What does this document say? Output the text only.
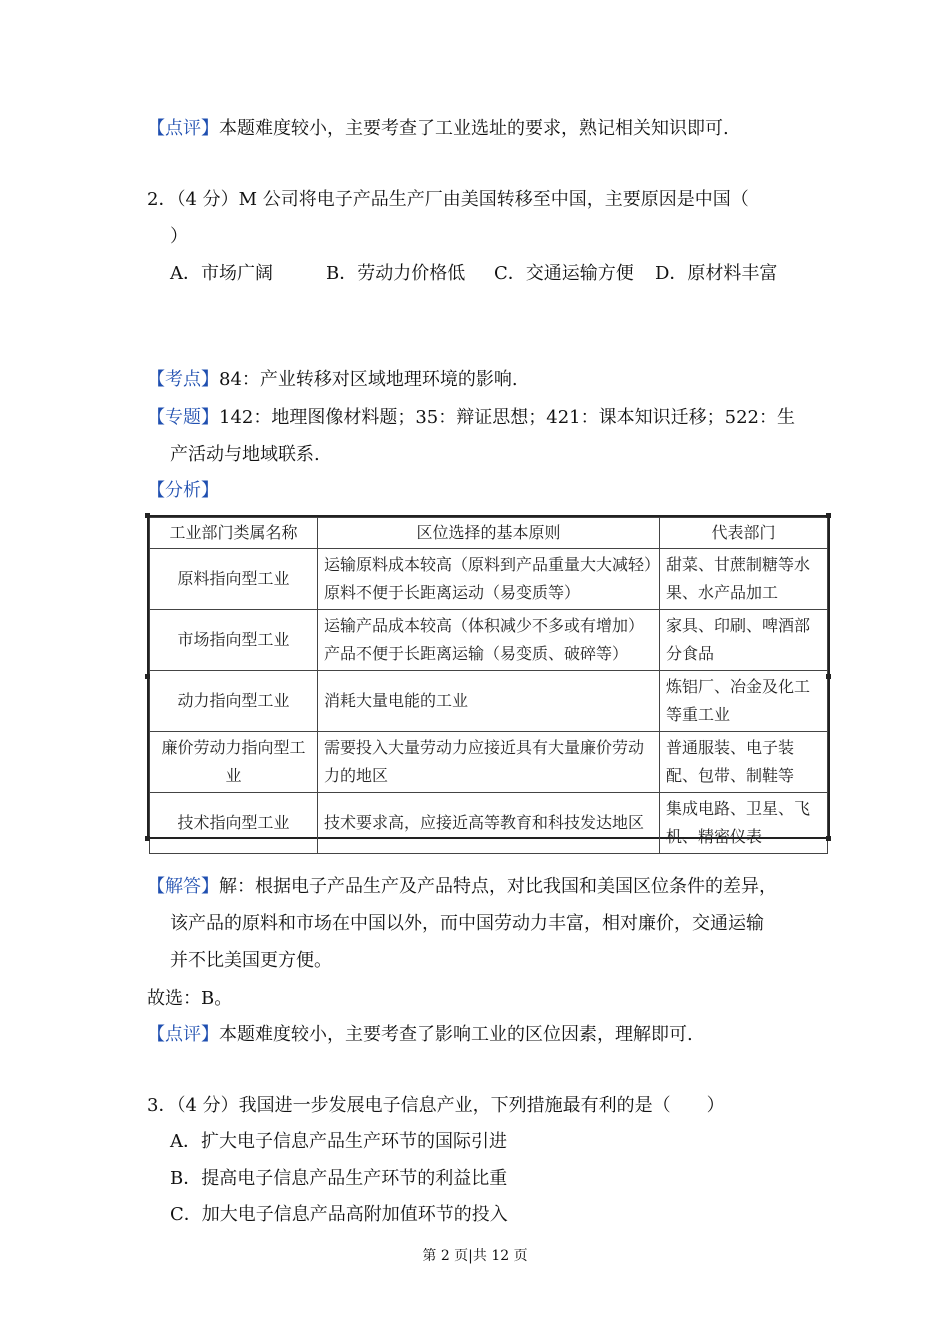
【点评】本题难度较小，主要考查了工业选址的要求，熟记相关知识即可.
2．（4 分）M 公司将电子产品生产厂由美国转移至中国，主要原因是中国（
）
A．市场广阔	B．劳动力价格低 C．交通运输方便 D．原材料丰富
【考点】84：产业转移对区域地理环境的影响.
【专题】142：地理图像材料题；35：辩证思想；421：课本知识迁移；522：生
产活动与地域联系.
【分析】
工业部门类属名称	区位选择的基本原则	代表部门
原料指向型工业	运输原料成本较高（原料到产品重量大大减轻）原料不便于长距离运动（易变质等）	甜菜、甘蔗制糖等水果、水产品加工
市场指向型工业	运输产品成本较高（体积减少不多或有增加）产品不便于长距离运输（易变质、破碎等）	家具、印刷、啤酒部分食品
动力指向型工业	消耗大量电能的工业	炼铝厂、冶金及化工等重工业
廉价劳动力指向型工业	需要投入大量劳动力应接近具有大量廉价劳动力的地区	普通服装、电子装配、包带、制鞋等
技术指向型工业	技术要求高，应接近高等教育和科技发达地区	集成电路、卫星、飞机、精密仪表
【解答】解：根据电子产品生产及产品特点，对比我国和美国区位条件的差异，
该产品的原料和市场在中国以外，而中国劳动力丰富，相对廉价，交通运输
并不比美国更方便。
故选：B。
【点评】本题难度较小，主要考查了影响工业的区位因素，理解即可.
3．（4 分）我国进一步发展电子信息产业，下列措施最有利的是（　　）
A．扩大电子信息产品生产环节的国际引进
B．提高电子信息产品生产环节的利益比重
C．加大电子信息产品高附加值环节的投入
第 2 页|共 12 页
